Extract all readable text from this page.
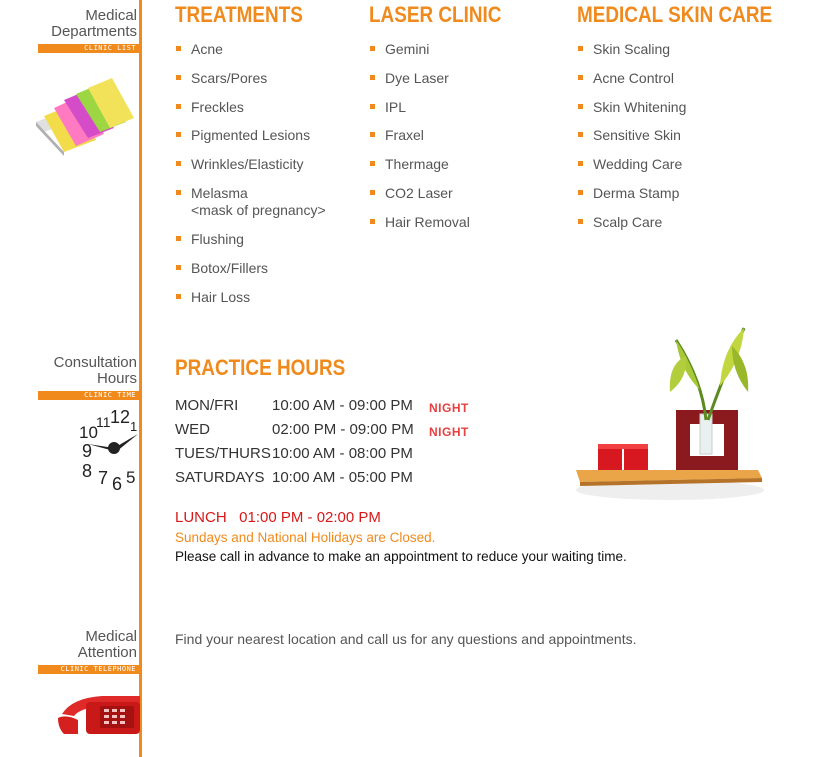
Medical
Departments
CLINIC LIST
Consultation
Hours
CLINIC TIME
10
11 12 1
9
8 7 6 5
Medical
Attention
CLINIC TELEPHONE
TREATMENTS	LASER CLINIC	MEDICAL SKIN CARE
Acne
Scars/Pores
Freckles
Pigmented Lesions
Wrinkles/Elasticity
Melasma
<mask of pregnancy>
Flushing
Botox/Fillers
Hair Loss
Gemini
Dye Laser
IPL
Fraxel
Thermage
CO2 Laser
Hair Removal
Skin Scaling
Acne Control
Skin Whitening
Sensitive Skin
Wedding Care
Derma Stamp
Scalp Care
PRACTICE HOURS
MON/FRI 10:00 AM - 09:00 PM NIGHT
WED	02:00 PM - 09:00 PM NIGHT
TUES/THURS 10:00 AM - 08:00 PM
SATURDAYS 10:00 AM - 05:00 PM
LUNCH   01:00 PM - 02:00 PM
Sundays and National Holidays are Closed.
Please call in advance to make an appointment to reduce your waiting time.
Find your nearest location and call us for any questions and appointments.
